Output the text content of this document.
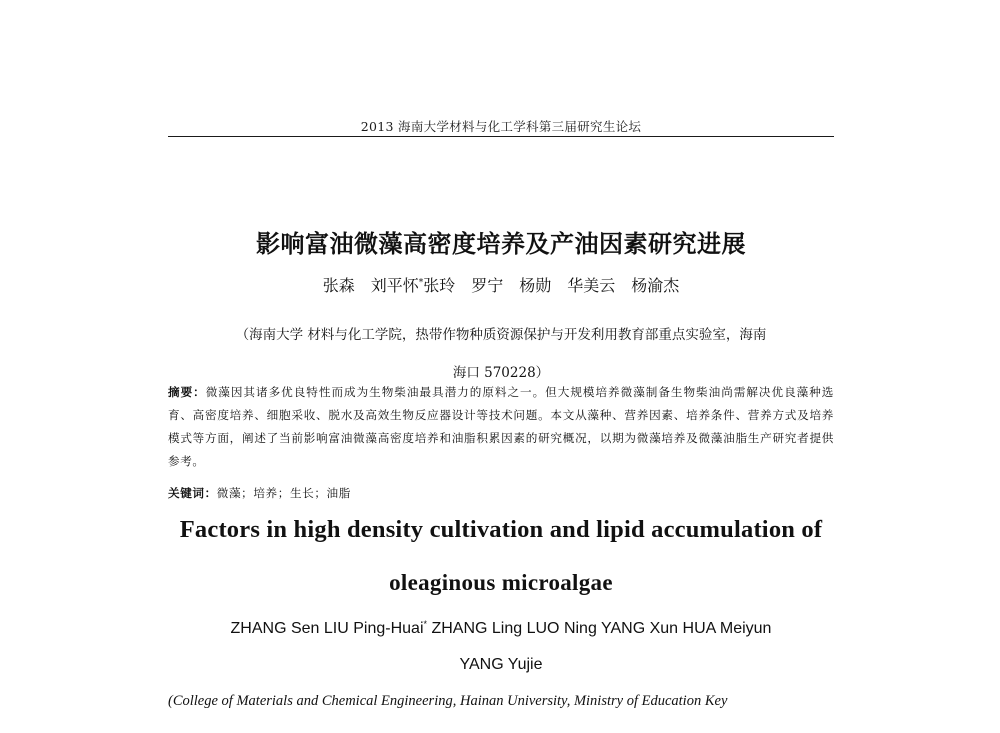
2013 海南大学材料与化工学科第三届研究生论坛
影响富油微藻高密度培养及产油因素研究进展
张森　刘平怀*张玲　罗宁　杨勋　华美云　杨渝杰
（海南大学 材料与化工学院，热带作物种质资源保护与开发利用教育部重点实验室，海南
海口 570228）
摘要：微藻因其诸多优良特性而成为生物柴油最具潜力的原料之一。但大规模培养微藻制备生物柴油尚需解决优良藻种选育、高密度培养、细胞采收、脱水及高效生物反应器设计等技术问题。本文从藻种、营养因素、培养条件、营养方式及培养模式等方面，阐述了当前影响富油微藻高密度培养和油脂积累因素的研究概况，以期为微藻培养及微藻油脂生产研究者提供参考。
关键词：微藻；培养；生长；油脂
Factors in high density cultivation and lipid accumulation of
oleaginous microalgae
ZHANG Sen LIU Ping-Huai* ZHANG Ling LUO Ning YANG Xun HUA Meiyun
YANG Yujie
(College of Materials and Chemical Engineering, Hainan University, Ministry of Education Key
